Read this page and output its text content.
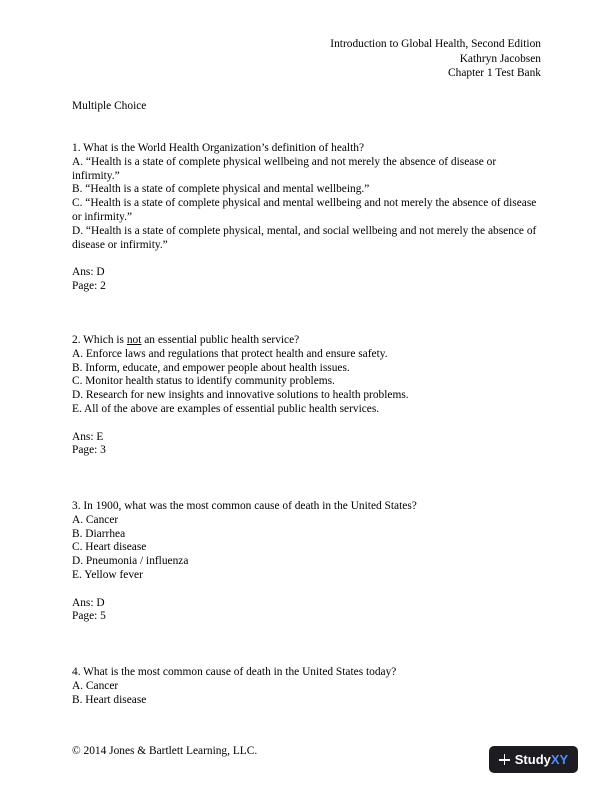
Introduction to Global Health, Second Edition
Kathryn Jacobsen
Chapter 1 Test Bank
Multiple Choice
1. What is the World Health Organization’s definition of health?
A. “Health is a state of complete physical wellbeing and not merely the absence of disease or infirmity.”
B. “Health is a state of complete physical and mental wellbeing.”
C. “Health is a state of complete physical and mental wellbeing and not merely the absence of disease or infirmity.”
D. “Health is a state of complete physical, mental, and social wellbeing and not merely the absence of disease or infirmity.”
Ans: D
Page: 2
2. Which is not an essential public health service?
A. Enforce laws and regulations that protect health and ensure safety.
B. Inform, educate, and empower people about health issues.
C. Monitor health status to identify community problems.
D. Research for new insights and innovative solutions to health problems.
E. All of the above are examples of essential public health services.
Ans: E
Page: 3
3. In 1900, what was the most common cause of death in the United States?
A. Cancer
B. Diarrhea
C. Heart disease
D. Pneumonia / influenza
E. Yellow fever
Ans: D
Page: 5
4. What is the most common cause of death in the United States today?
A. Cancer
B. Heart disease
© 2014 Jones & Bartlett Learning, LLC.
StudyXY
